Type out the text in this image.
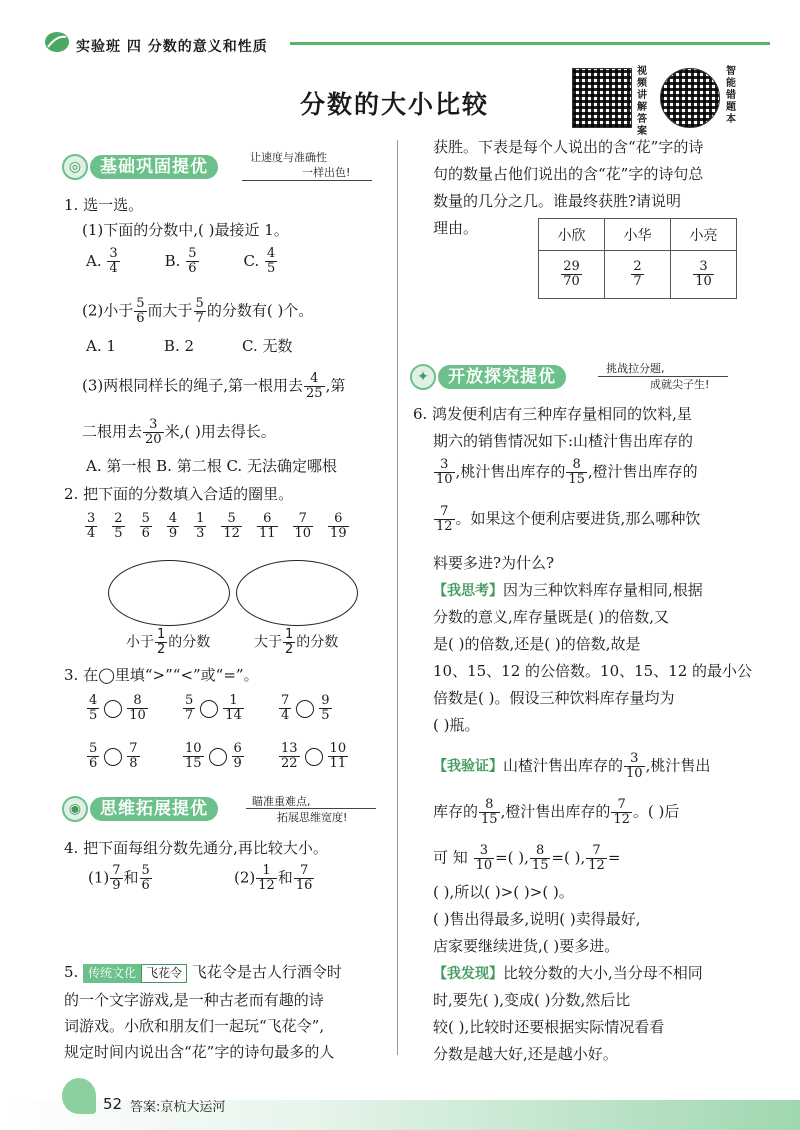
实验班 四 分数的意义和性质
分数的大小比较
视
频
讲
解
答
案
智
能
错
题
本
◎	基础巩固提优	让速度与准确性
一样出色!
1. 选一选。
(1)下面的分数中,( )最接近 1。
A. $\frac{3}{4}$	B. $\frac{5}{6}$	C. $\frac{4}{5}$
(2)小于 $\frac{5}{6}$ 而大于 $\frac{5}{7}$ 的分数有( )个。
A. 1	B. 2	C. 无数
(3)两根同样长的绳子,第一根用去 $\frac{4}{25}$ ,第
二根用去 $\frac{3}{20}$ 米,( )用去得长。
A. 第一根 B. 第二根 C. 无法确定哪根
2. 把下面的分数填入合适的圈里。
$\frac{3}{4} \frac{2}{5} \frac{5}{6} \frac{4}{9} \frac{1}{3} \frac{5}{12} \frac{6}{11} \frac{7}{10} \frac{6}{19}$
小于 $\frac{1}{2}$ 的分数	大于 $\frac{1}{2}$ 的分数
3. 在◯里填“>”“<”或“=”。
$\frac{4}{5} \frac{8}{10}$	$\frac{5}{7} \frac{1}{14}$	$\frac{7}{4} \frac{9}{5}$
$\frac{5}{6} \frac{7}{8}$	$\frac{10}{15} \frac{6}{9}$	$\frac{13}{22} \frac{10}{11}$
◉	思维拓展提优	瞄准重难点,
拓展思维宽度!
4. 把下面每组分数先通分,再比较大小。
$(1) \frac{7}{9}$ 和 $\frac{5}{6}$	$(2) \frac{1}{12}$ 和 $\frac{7}{16}$
5. 传统文化 飞花令 飞花令是古人行酒令时
的一个文字游戏,是一种古老而有趣的诗
词游戏。小欣和朋友们一起玩“飞花令”,
规定时间内说出含“花”字的诗句最多的人
获胜。下表是每个人说出的含“花”字的诗
句的数量占他们说出的含“花”字的诗句总
数量的几分之几。谁最终获胜?请说明
理由。	小欣	小华	小亮

$\frac{29}{70}$	$\frac{2}{7}$	$\frac{3}{10}$
✦	开放探究提优	挑战拉分题,
成就尖子生!
6. 鸿发便利店有三种库存量相同的饮料,星
期六的销售情况如下:山楂汁售出库存的
$\frac{3}{10}$ ,桃汁售出库存的 $\frac{8}{15}$ ,橙汁售出库存的
$\frac{7}{12}$ 。如果这个便利店要进货,那么哪种饮
料要多进?为什么?
【我思考】因为三种饮料库存量相同,根据
分数的意义,库存量既是( )的倍数,又
是( )的倍数,还是( )的倍数,故是
10、15、12 的公倍数。10、15、12 的最小公
倍数是( )。假设三种饮料库存量均为
( )瓶。
【我验证】山楂汁售出库存的 $\frac{3}{10}$ ,桃汁售出
库存的 $\frac{8}{15}$ ,橙汁售出库存的 $\frac{7}{12}$ 。( )后
可 知 $\frac{3}{10}$ =( ), $\frac{8}{15}$ =( ), $\frac{7}{12}$ =
( ),所以( )>( )>( )。
( )售出得最多,说明( )卖得最好,
店家要继续进货,( )要多进。
【我发现】比较分数的大小,当分母不相同
时,要先( ),变成( )分数,然后比
较( ),比较时还要根据实际情况看看
分数是越大好,还是越小好。
52 答案:京杭大运河
